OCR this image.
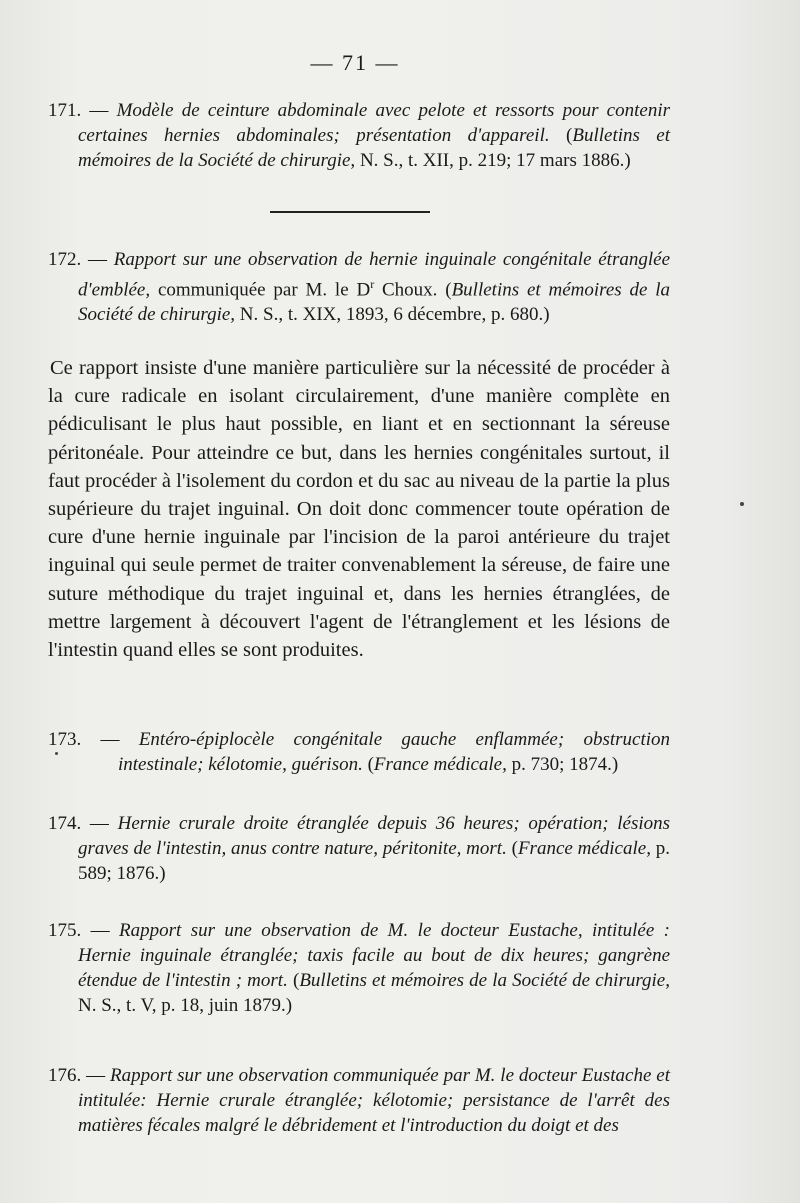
— 71 —
171. — Modèle de ceinture abdominale avec pelote et ressorts pour contenir certaines hernies abdominales; présentation d'appareil. (Bulletins et mémoires de la Société de chirurgie, N. S., t. XII, p. 219; 17 mars 1886.)
172. — Rapport sur une observation de hernie inguinale congénitale étranglée d'emblée, communiquée par M. le $D^r$ Choux. (Bulletins et mémoires de la Société de chirurgie, N. S., t. XIX, 1893, 6 décembre, p. 680.)

Ce rapport insiste d'une manière particulière sur la nécessité de procéder à la cure radicale en isolant circulairement, d'une manière complète en pédiculisant le plus haut possible, en liant et en sectionnant la séreuse péritonéale. Pour atteindre ce but, dans les hernies congénitales surtout, il faut procéder à l'isolement du cordon et du sac au niveau de la partie la plus supérieure du trajet inguinal. On doit donc commencer toute opération de cure d'une hernie inguinale par l'incision de la paroi antérieure du trajet inguinal qui seule permet de traiter convenablement la séreuse, de faire une suture méthodique du trajet inguinal et, dans les hernies étranglées, de mettre largement à découvert l'agent de l'étranglement et les lésions de l'intestin quand elles se sont produites.

173. — Entéro-épiplocèle congénitale gauche enflammée; obstruction intestinale; kélotomie, guérison. (France médicale, p. 730; 1874.)
174. — Hernie crurale droite étranglée depuis 36 heures; opération; lésions graves de l'intestin, anus contre nature, péritonite, mort. (France médicale, p. 589; 1876.)
175. — Rapport sur une observation de M. le docteur Eustache, intitulée : Hernie inguinale étranglée; taxis facile au bout de dix heures; gangrène étendue de l'intestin ; mort. (Bulletins et mémoires de la Société de chirurgie, N. S., t. V, p. 18, juin 1879.)
176. — Rapport sur une observation communiquée par M. le docteur Eustache et intitulée: Hernie crurale étranglée; kélotomie; persistance de l'arrêt des matières fécales malgré le débridement et l'introduction du doigt et des
